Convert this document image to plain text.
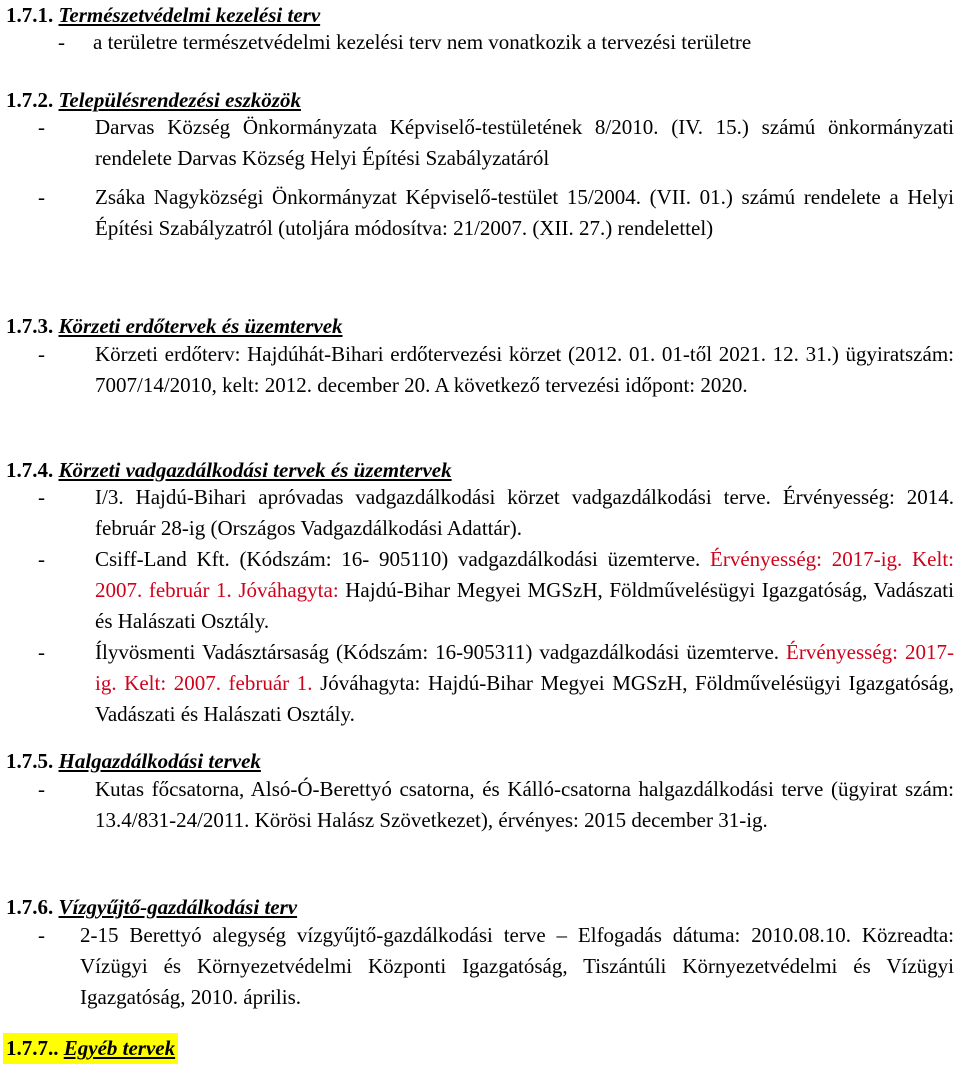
1.7.1. Természetvédelmi kezelési terv
- a területre természetvédelmi kezelési terv nem vonatkozik a tervezési területre
1.7.2. Településrendezési eszközök
- Darvas Község Önkormányzata Képviselő-testületének 8/2010. (IV. 15.) számú önkormányzati rendelete Darvas Község Helyi Építési Szabályzatáról
- Zsáka Nagyközségi Önkormányzat Képviselő-testület 15/2004. (VII. 01.) számú rendelete a Helyi Építési Szabályzatról (utoljára módosítva: 21/2007. (XII. 27.) rendelettel)
1.7.3. Körzeti erdőtervek és üzemtervek
- Körzeti erdőterv: Hajdúhát-Bihari erdőtervezési körzet (2012. 01. 01-től 2021. 12. 31.) ügyiratszám: 7007/14/2010, kelt: 2012. december 20. A következő tervezési időpont: 2020.
1.7.4. Körzeti vadgazdálkodási tervek és üzemtervek
- I/3. Hajdú-Bihari apróvadas vadgazdálkodási körzet vadgazdálkodási terve. Érvényesség: 2014. február 28-ig (Országos Vadgazdálkodási Adattár).
- Csiff-Land Kft. (Kódszám: 16- 905110) vadgazdálkodási üzemterve. Érvényesség: 2017-ig. Kelt: 2007. február 1. Jóváhagyta: Hajdú-Bihar Megyei MGSzH, Földművelésügyi Igazgatóság, Vadászati és Halászati Osztály.
- Ílyvösmenti Vadásztársaság (Kódszám: 16-905311) vadgazdálkodási üzemterve. Érvényesség: 2017-ig. Kelt: 2007. február 1. Jóváhagyta: Hajdú-Bihar Megyei MGSzH, Földművelésügyi Igazgatóság, Vadászati és Halászati Osztály.
1.7.5. Halgazdálkodási tervek
- Kutas főcsatorna, Alsó-Ó-Berettyó csatorna, és Kálló-csatorna halgazdálkodási terve (ügyirat szám: 13.4/831-24/2011. Körösi Halász Szövetkezet), érvényes: 2015 december 31-ig.
1.7.6. Vízgyűjtő-gazdálkodási terv
- 2-15 Berettyó alegység vízgyűjtő-gazdálkodási terve – Elfogadás dátuma: 2010.08.10. Közreadta: Vízügyi és Környezetvédelmi Központi Igazgatóság, Tiszántúli Környezetvédelmi és Vízügyi Igazgatóság, 2010. április.
1.7.7.. Egyéb tervek
